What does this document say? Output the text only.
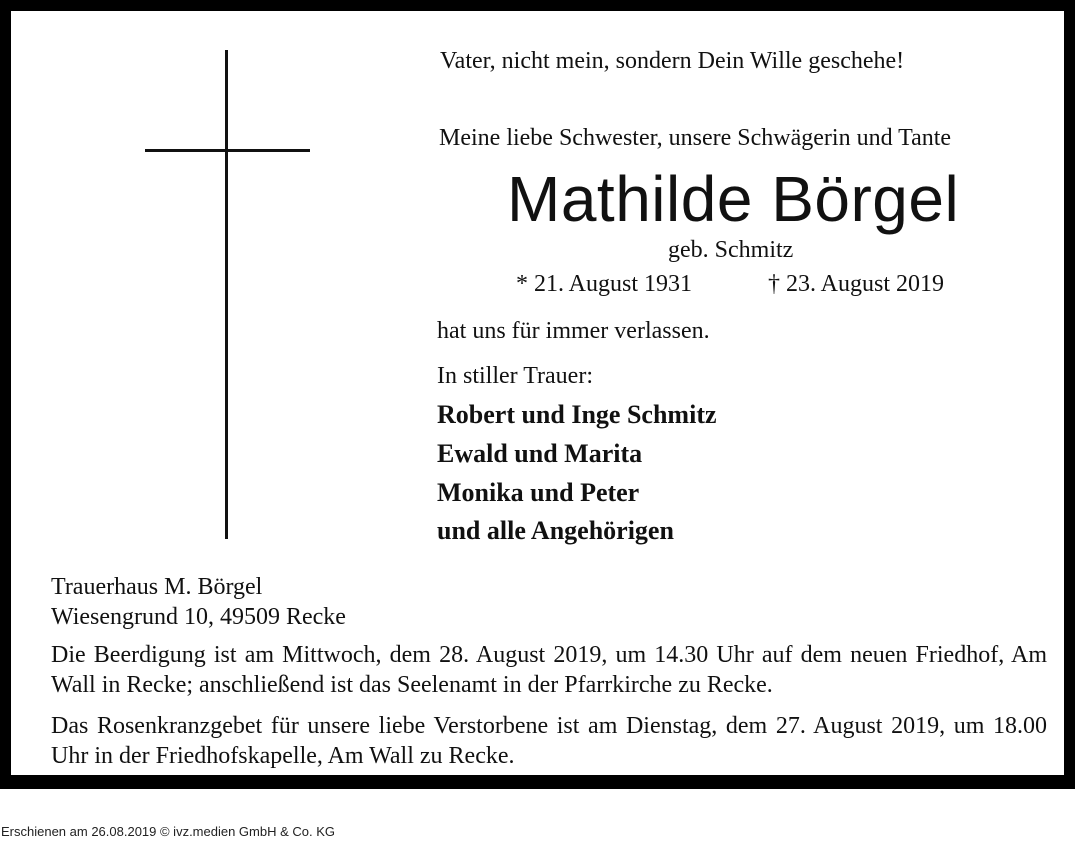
Vater, nicht mein, sondern Dein Wille geschehe!
Meine liebe Schwester, unsere Schwägerin und Tante
Mathilde Börgel
geb. Schmitz
* 21. August 1931	† 23. August 2019
hat uns für immer verlassen.
In stiller Trauer:
Robert und Inge Schmitz
Ewald und Marita
Monika und Peter
und alle Angehörigen
Trauerhaus M. Börgel
Wiesengrund 10, 49509 Recke
Die Beerdigung ist am Mittwoch, dem 28. August 2019, um 14.30 Uhr auf dem neuen Friedhof, Am Wall in Recke; anschließend ist das Seelenamt in der Pfarrkirche zu Recke.
Das Rosenkranzgebet für unsere liebe Verstorbene ist am Dienstag, dem 27. August 2019, um 18.00 Uhr in der Friedhofskapelle, Am Wall zu Recke.
Erschienen am 26.08.2019 © ivz.medien GmbH & Co. KG
